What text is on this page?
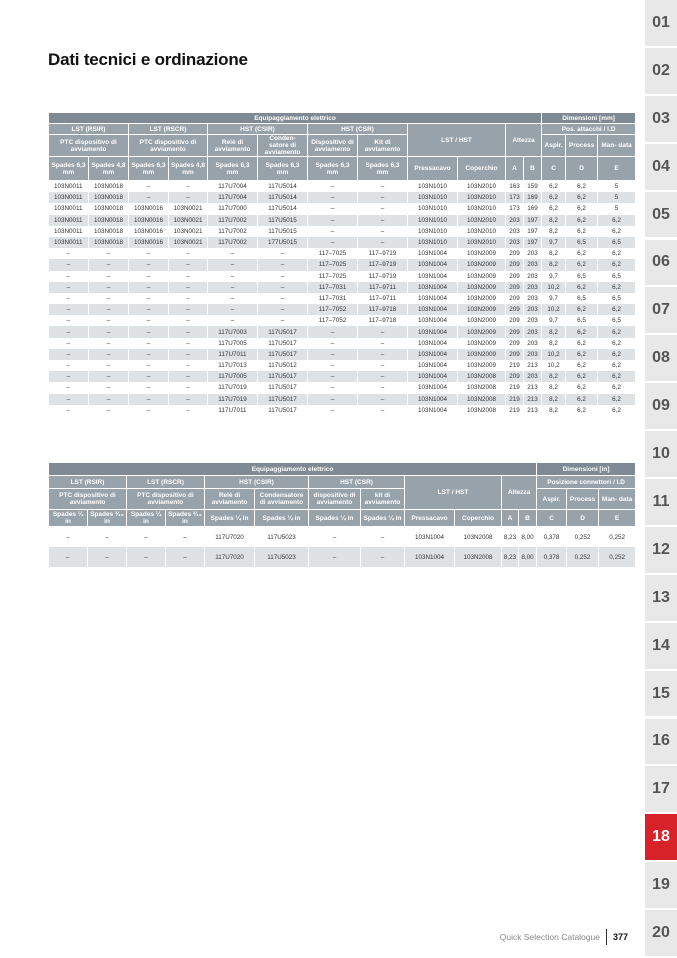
Dati tecnici e ordinazione
Equipaggiamento elettrico												Dimensioni [mm]		
LST (RSIR)		LST (RSCR)		HST (CSIR)		HST (CSR)		LST / HST		Altezza		Pos. attacchi / I.D		
PTC dispositivo di avviamento		PTC dispositivo di avviamento		Relè di avviamento	Conden- satore di avviamento	Dispositivo di avviamento	Kit di avviamento					Aspir.	Process	Man- data
Spades 6,3 mm	Spades 4,8 mm	Spades 6,3 mm	Spades 4,8 mm	Spades 6,3 mm	Spades 6,3 mm	Spades 6,3 mm	Spades 6,3 mm	Pressacavo	Coperchio	A	B	C	D	E
103N0011	103N0018	–	–	117U7004	117U5014	–	–	103N1010	103N2010	163	159	6,2	6,2	5
103N0011	103N0018	–	–	117U7004	117U5014	–	–	103N1010	103N2010	173	169	6,2	6,2	5
103N0011	103N0018	103N0016	103N0021	117U7000	117U5014	–	–	103N1010	103N2010	173	169	6,2	6,2	5
103N0011	103N0018	103N0016	103N0021	117U7002	117U5015	–	–	103N1010	103N2010	203	197	8,2	6,2	6,2
103N0011	103N0018	103N0016	103N0021	117U7002	117U5015	–	–	103N1010	103N2010	203	197	8,2	6,2	6,2
103N0011	103N0018	103N0016	103N0021	117U7002	177U5015	–	–	103N1010	103N2010	203	197	9,7	6,5	6,5
–	–	–	–	–	–	117–7025	117–9719	103N1004	103N2009	209	203	8,2	6,2	6,2
–	–	–	–	–	–	117–7025	117–9719	103N1004	103N2009	209	203	8,2	6,2	6,2
–	–	–	–	–	–	117–7025	117–9719	103N1004	103N2009	209	203	9,7	6,5	6,5
–	–	–	–	–	–	117–7031	117–9711	103N1004	103N2009	209	203	10,2	6,2	6,2
–	–	–	–	–	–	117–7031	117–9711	103N1004	103N2009	209	203	9,7	6,5	6,5
–	–	–	–	–	–	117–7052	117–9718	103N1004	103N2009	209	203	10,2	6,2	6,2
–	–	–	–	–	–	117–7052	117–9718	103N1004	103N2009	209	203	9,7	6,5	6,5
–	–	–	–	117U7003	117U5017	–	–	103N1004	103N2009	209	203	8,2	6,2	6,2
–	–	–	–	117U7005	117U5017	–	–	103N1004	103N2009	209	203	8,2	6,2	6,2
–	–	–	–	117U7011	117U5017	–	–	103N1004	103N2009	209	203	10,2	6,2	6,2
–	–	–	–	117U7013	117U5012	–	–	103N1004	103N2009	219	213	10,2	6,2	6,2
–	–	–	–	117U7005	117U5017	–	–	103N1004	103N2008	209	203	8,2	6,2	6,2
–	–	–	–	117U7019	117U5017	–	–	103N1004	103N2008	219	213	8,2	6,2	6,2
–	–	–	–	117U7019	117U5017	–	–	103N1004	103N2008	219	213	8,2	6,2	6,2
–	–	–	–	117U7011	117U5017	–	–	103N1004	103N2008	219	213	8,2	6,2	6,2
Equipaggiamento elettrico												Dimensioni [in]		
LST (RSIR)		LST (RSCR)		HST (CSIR)		HST (CSR)		LST / HST		Altezza		Posizione connettori / I.D		
PTC dispositivo di avviamento		PTC dispositivo di avviamento		Relè di avviamento	Condensatore di avviamento	dispositivo di avviamento	kit di avviamento					Aspir.	Process	Man- data
Spades ¼ in	Spades ³⁄₁₆ in	Spades ¼ in	Spades ³⁄₁₆ in	Spades ¼ in	Spades ¼ in	Spades ¼ in	Spades ¼ in	Pressacavo	Coperchio	A	B	C	D	E
–	–	–	–	117U7020	117U5023	–	–	103N1004	103N2008	8,23	8,00	0,378	0,252	0,252
–	–	–	–	117U7020	117U5023	–	–	103N1004	103N2008	8,23	8,00	0,378	0,252	0,252
01
02
03
04
05
06
07
08
09
10
11
12
13
14
15
16
17
18
19
20
Quick Selection Catalogue 377
